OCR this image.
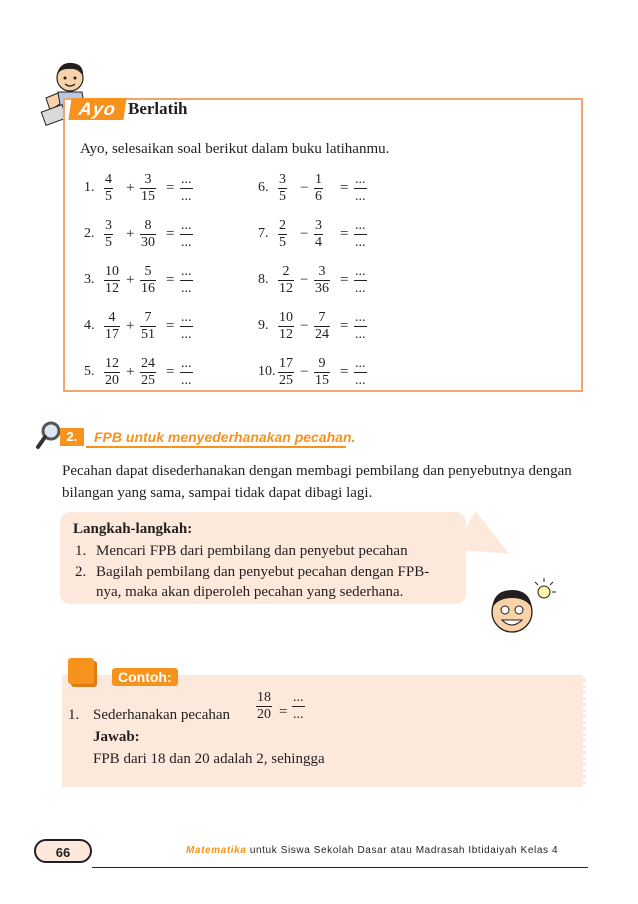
Ayo Berlatih
Ayo, selesaikan soal berikut dalam buku latihanmu.
1.
4
5
+
3
15
=
...
...
2.
3
5
+
8
30
=
...
...
3.
10
12
+
5
16
=
...
...
4.
4
17
+
7
51
=
...
...
5.
12
20
+
24
25
=
...
...
6.
3
5
−
1
6
=
...
...
7.
2
5
−
3
4
=
...
...
8.
2
12
−
3
36
=
...
...
9.
10
12
−
7
24
=
...
...
10.
17
25
−
9
15
=
...
...
2.	FPB untuk menyederhanakan pecahan.
Pecahan dapat disederhanakan dengan membagi pembilang dan penyebutnya dengan bilangan yang sama, sampai tidak dapat dibagi lagi.
Langkah-langkah:
1. Mencari FPB dari pembilang dan penyebut pecahan
2. Bagilah pembilang dan penyebut pecahan dengan FPB-
nya, maka akan diperoleh pecahan yang sederhana.
Contoh:
1. Sederhanakan pecahan
18
20 =
...
...
Jawab:
FPB dari 18 dan 20 adalah 2, sehingga
66	Matematika untuk Siswa Sekolah Dasar atau Madrasah Ibtidaiyah Kelas 4
